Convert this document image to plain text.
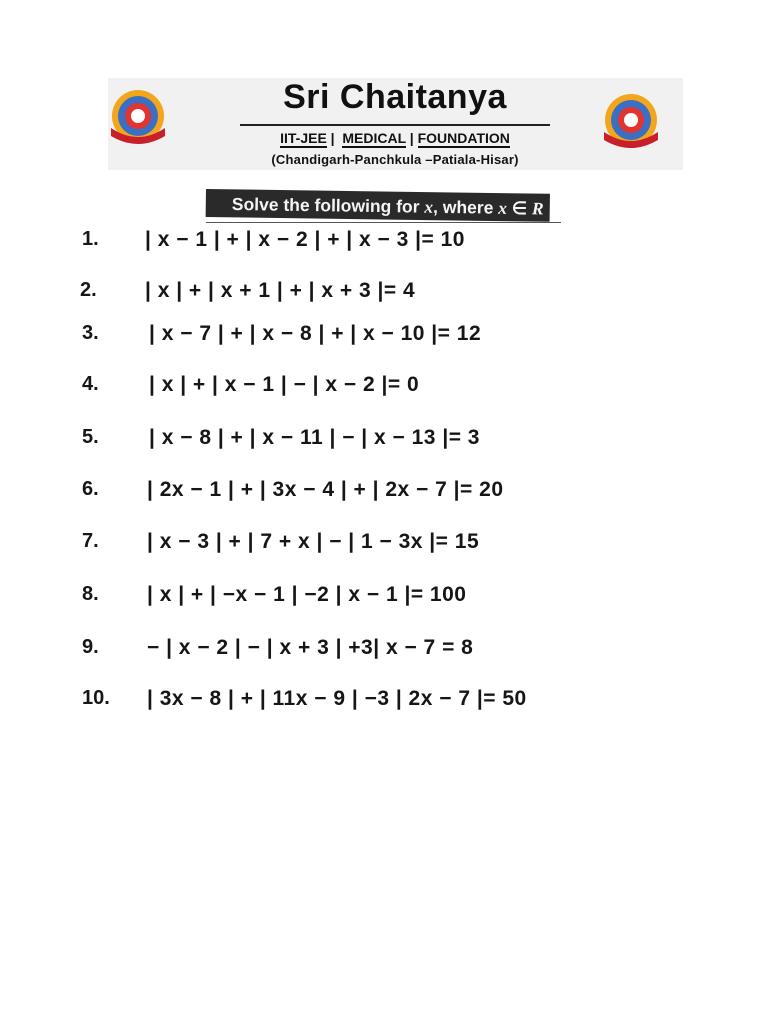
Sri Chaitanya
IIT-JEE |  MEDICAL | FOUNDATION
(Chandigarh-Panchkula –Patiala-Hisar)
Solve the following for x, where x ∈ R
1. | x − 1 | + | x − 2 | + | x − 3 |= 10
2. | x | + | x + 1 | + | x + 3 |= 4
3. | x − 7 | + | x − 8 | + | x − 10 |= 12
4. | x | + | x − 1 | − | x − 2 |= 0
5. | x − 8 | + | x − 11 | − | x − 13 |= 3
6. | 2x − 1 | + | 3x − 4 | + | 2x − 7 |= 20
7. | x − 3 | + | 7 + x | − | 1 − 3x |= 15
8. | x | + | −x − 1 | −2 | x − 1 |= 100
9. − | x − 2 | − | x + 3 | +3| x − 7 = 8
10. | 3x − 8 | + | 11x − 9 | −3 | 2x − 7 |= 50
